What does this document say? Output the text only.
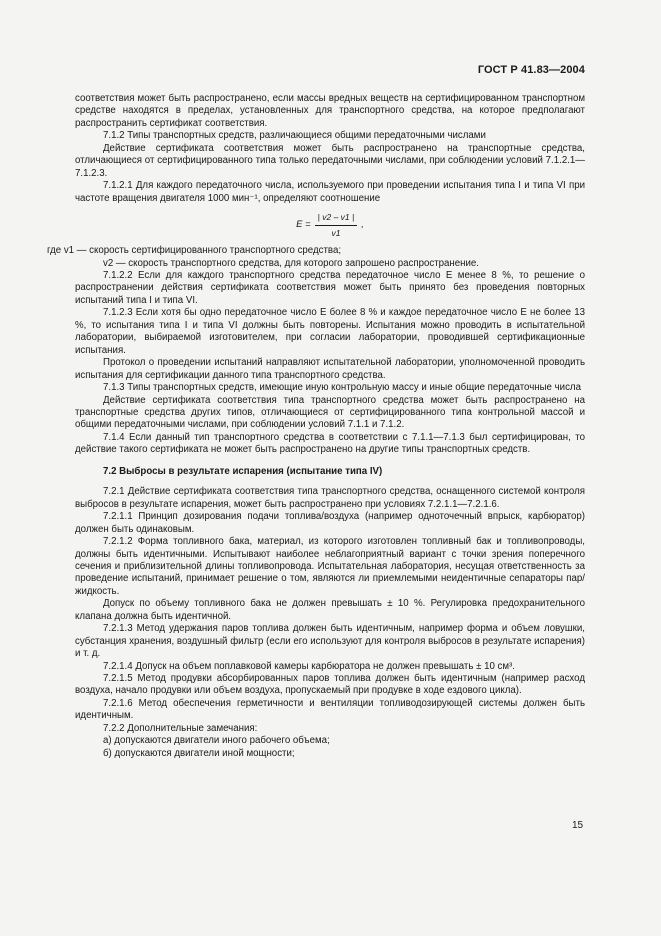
ГОСТ Р 41.83—2004

соответствия может быть распространено, если массы вредных веществ на сертифицированном транспортном средстве находятся в пределах, установленных для транспортного средства, на которое предполагают распространить сертификат соответствия.

7.1.2 Типы транспортных средств, различающиеся общими передаточными числами

Действие сертификата соответствия может быть распространено на транспортные средства, отличающиеся от сертифицированного типа только передаточными числами, при соблюдении условий 7.1.2.1—7.1.2.3.

7.1.2.1 Для каждого передаточного числа, используемого при проведении испытания типа I и типа VI при частоте вращения двигателя 1000 мин⁻¹, определяют соотношение

$E = \frac{| v2 - v1 |}{v1}$ ,

где v1 — скорость сертифицированного транспортного средства;

v2 — скорость транспортного средства, для которого запрошено распространение.

7.1.2.2 Если для каждого транспортного средства передаточное число E менее 8 %, то решение о распространении действия сертификата соответствия может быть принято без проведения повторных испытаний типа I и типа VI.

7.1.2.3 Если хотя бы одно передаточное число E более 8 % и каждое передаточное число E не более 13 %, то испытания типа I и типа VI должны быть повторены. Испытания можно проводить в испытательной лаборатории, выбираемой изготовителем, при согласии лаборатории, проводившей сертификационные испытания.

Протокол о проведении испытаний направляют испытательной лаборатории, уполномоченной проводить испытания для сертификации данного типа транспортного средства.

7.1.3 Типы транспортных средств, имеющие иную контрольную массу и иные общие передаточные числа

Действие сертификата соответствия типа транспортного средства может быть распространено на транспортные средства других типов, отличающиеся от сертифицированного типа контрольной массой и общими передаточными числами, при соблюдении условий 7.1.1 и 7.1.2.

7.1.4 Если данный тип транспортного средства в соответствии с 7.1.1—7.1.3 был сертифицирован, то действие такого сертификата не может быть распространено на другие типы транспортных средств.

7.2 Выбросы в результате испарения (испытание типа IV)

7.2.1 Действие сертификата соответствия типа транспортного средства, оснащенного системой контроля выбросов в результате испарения, может быть распространено при условиях 7.2.1.1—7.2.1.6.

7.2.1.1 Принцип дозирования подачи топлива/воздуха (например одноточечный впрыск, карбюратор) должен быть одинаковым.

7.2.1.2 Форма топливного бака, материал, из которого изготовлен топливный бак и топливопроводы, должны быть идентичными. Испытывают наиболее неблагоприятный вариант с точки зрения поперечного сечения и приблизительной длины топливопровода. Испытательная лаборатория, несущая ответственность за проведение испытаний, принимает решение о том, являются ли приемлемыми неидентичные сепараторы пар/ жидкость.

Допуск по объему топливного бака не должен превышать ± 10 %. Регулировка предохранительного клапана должна быть идентичной.

7.2.1.3 Метод удержания паров топлива должен быть идентичным, например форма и объем ловушки, субстанция хранения, воздушный фильтр (если его используют для контроля выбросов в результате испарения) и т. д.

7.2.1.4 Допуск на объем поплавковой камеры карбюратора не должен превышать ± 10 см³.

7.2.1.5 Метод продувки абсорбированных паров топлива должен быть идентичным (например расход воздуха, начало продувки или объем воздуха, пропускаемый при продувке в ходе ездового цикла).

7.2.1.6 Метод обеспечения герметичности и вентиляции топливодозирующей системы должен быть идентичным.

7.2.2 Дополнительные замечания:

а) допускаются двигатели иного рабочего объема;

б) допускаются двигатели иной мощности;

15
